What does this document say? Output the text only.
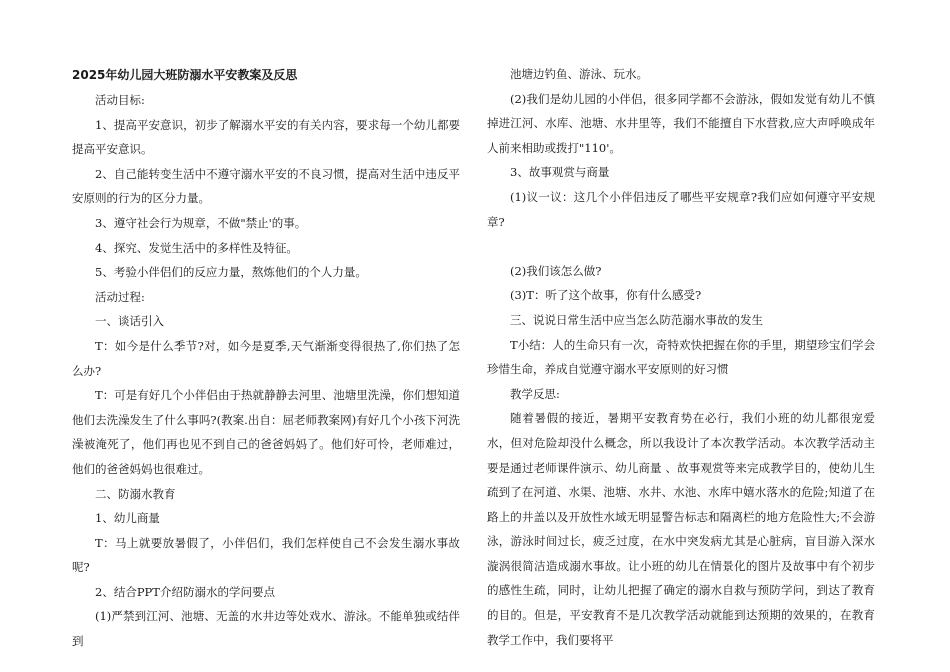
2025年幼儿园大班防溺水平安教案及反思

活动目标:

1、提高平安意识，初步了解溺水平安的有关内容，要求每一个幼儿都要提高平安意识。

2、自己能转变生活中不遵守溺水平安的不良习惯，提高对生活中违反平安原则的行为的区分力量。

3、遵守社会行为规章，不做"禁止'的事。

4、探究、发觉生活中的多样性及特征。

5、考验小伴侣们的反应力量，熬炼他们的个人力量。

活动过程:

一、谈话引入

T：如今是什么季节?对，如今是夏季,天气渐渐变得很热了,你们热了怎么办?

T：可是有好几个小伴侣由于热就静静去河里、池塘里洗澡，你们想知道他们去洗澡发生了什么事吗?(教案.出自：屈老师教案网)有好几个小孩下河洗澡被淹死了，他们再也见不到自己的爸爸妈妈了。他们好可怜，老师难过，他们的爸爸妈妈也很难过。

二、防溺水教育

1、幼儿商量

T：马上就要放暑假了，小伴侣们，我们怎样使自己不会发生溺水事故呢?

2、结合PPT介绍防溺水的学问要点

(1)严禁到江河、池塘、无盖的水井边等处戏水、游泳。不能单独或结伴到

池塘边钓鱼、游泳、玩水。

(2)我们是幼儿园的小伴侣，很多同学都不会游泳，假如发觉有幼儿不慎掉进江河、水库、池塘、水井里等，我们不能擅自下水营救,应大声呼唤成年人前来相助或拨打"110'。

3、故事观赏与商量

(1)议一议：这几个小伴侣违反了哪些平安规章?我们应如何遵守平安规章?

(2)我们该怎么做?

(3)T：听了这个故事，你有什么感受?

三、说说日常生活中应当怎么防范溺水事故的发生

T小结：人的生命只有一次，奇特欢快把握在你的手里，期望珍宝们学会珍惜生命，养成自觉遵守溺水平安原则的好习惯

教学反思:

随着暑假的接近，暑期平安教育势在必行，我们小班的幼儿都很宠爱水，但对危险却没什么概念，所以我设计了本次教学活动。本次教学活动主要是通过老师课件演示、幼儿商量 、故事观赏等来完成教学目的，使幼儿生疏到了在河道、水渠、池塘、水井、水池、水库中嬉水落水的危险;知道了在路上的井盖以及开放性水域无明显警告标志和隔离栏的地方危险性大;不会游泳，游泳时间过长，疲乏过度，在水中突发病尤其是心脏病，盲目游入深水漩涡很简洁造成溺水事故。让小班的幼儿在情景化的图片及故事中有个初步的感性生疏，同时，让幼儿把握了确定的溺水自救与预防学问，到达了教育的目的。但是，平安教育不是几次教学活动就能到达预期的效果的，在教育教学工作中，我们要将平
